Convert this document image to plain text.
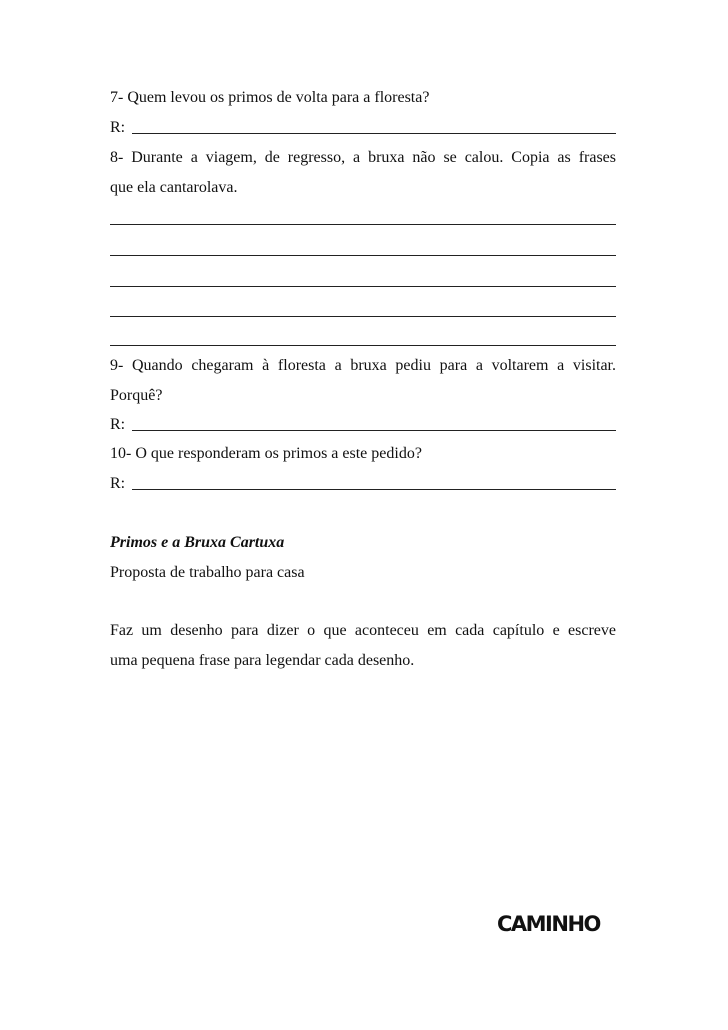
7- Quem levou os primos de volta para a floresta?
R:
8- Durante a viagem, de regresso, a bruxa não se calou. Copia as frases
que ela cantarolava.
9- Quando chegaram à floresta a bruxa pediu para a voltarem a visitar.
Porquê?
R:
10- O que responderam os primos a este pedido?
R:
Primos e a Bruxa Cartuxa
Proposta de trabalho para casa
Faz um desenho para dizer o que aconteceu em cada capítulo e escreve
uma pequena frase para legendar cada desenho.
CAMINHO
